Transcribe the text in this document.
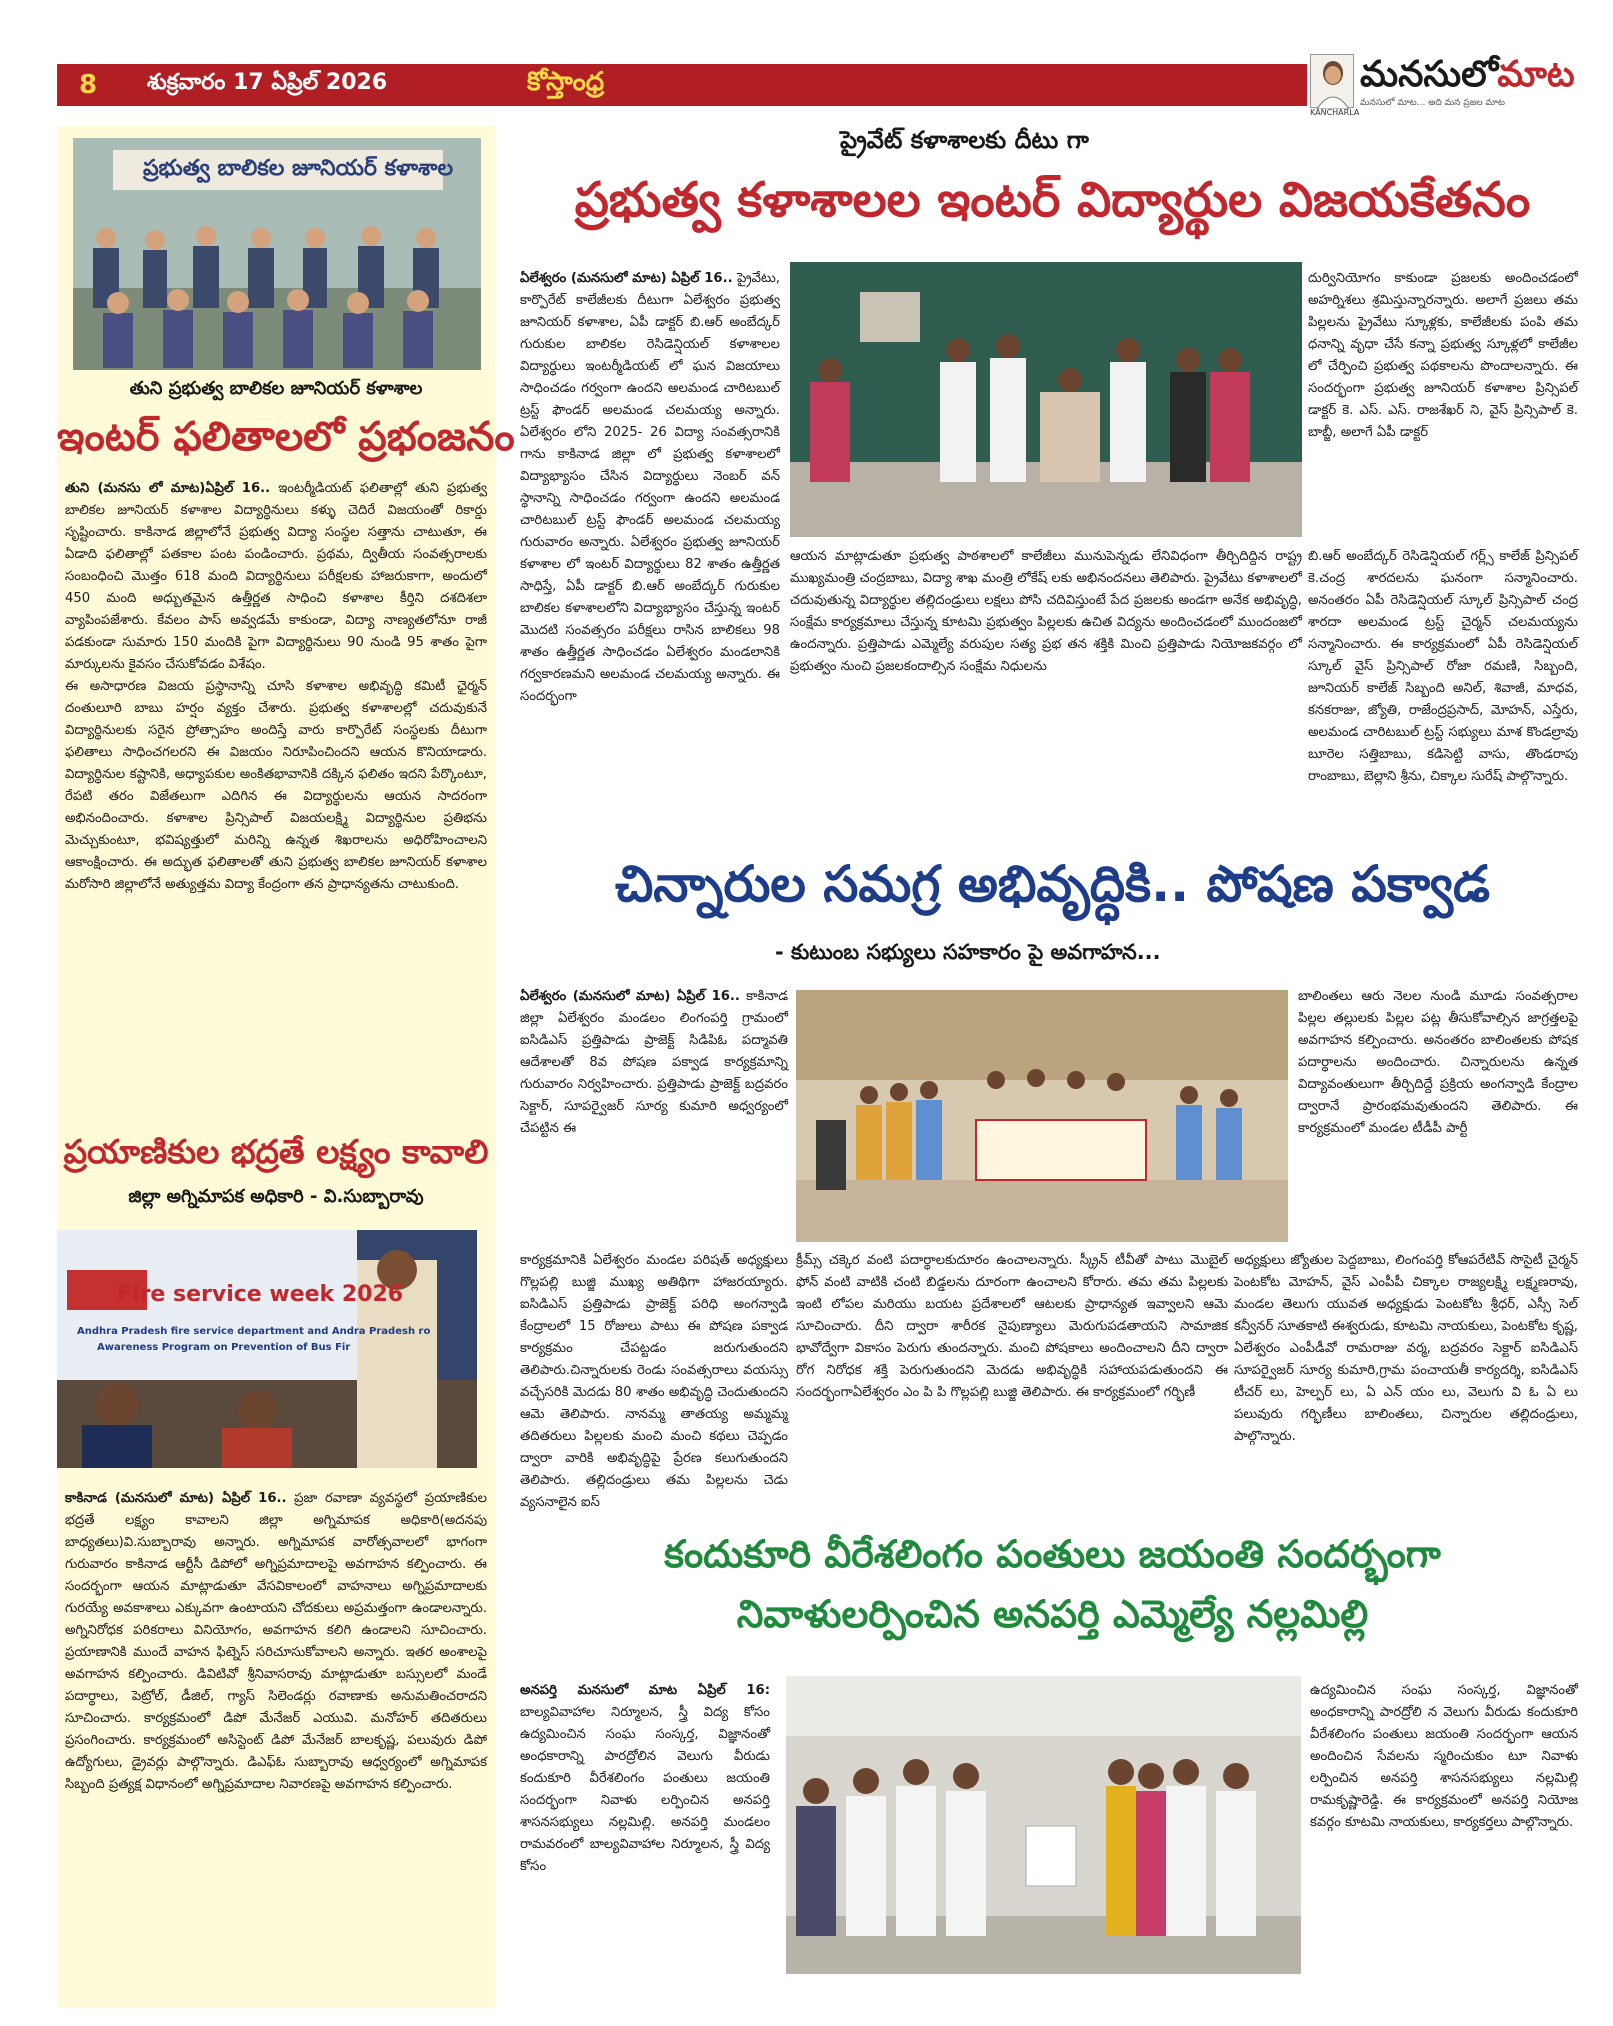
8	శుక్రవారం 17 ఏప్రిల్ 2026	కోస్తాంధ్ర	మనసులోమాట
మనసులో మాట... అది మన ప్రజల మాట
KANCHARLA
ప్రభుత్వ బాలికల జూనియర్ కళాశాల
తుని ప్రభుత్వ బాలికల జూనియర్ కళాశాల
ఇంటర్ ఫలితాలలో ప్రభంజనం

తుని (మనసు లో మాట)ఏప్రిల్ 16.. ఇంటర్మీడియట్ ఫలితాల్లో తుని ప్రభుత్వ బాలికల జూనియర్ కళాశాల విద్యార్థినులు కళ్ళు చెదిరే విజయంతో రికార్డు సృష్టించారు. కాకినాడ జిల్లాలోనే ప్రభుత్వ విద్యా సంస్థల సత్తాను చాటుతూ, ఈ ఏడాది ఫలితాల్లో పతకాల పంట పండించారు. ప్రథమ, ద్వితీయ సంవత్సరాలకు సంబంధించి మొత్తం 618 మంది విద్యార్థినులు పరీక్షలకు హాజరుకాగా, అందులో 450 మంది అధ్బుతమైన ఉత్తీర్ణత సాధించి కళాశాల కీర్తిని దశదిశలా వ్యాపింపజేశారు. కేవలం పాస్ అవ్వడమే కాకుండా, విద్యా నాణ్యతలోనూ రాజీ పడకుండా సుమారు 150 మందికి పైగా విద్యార్థినులు 90 నుండి 95 శాతం పైగా మార్కులను కైవసం చేసుకోవడం విశేషం.

ఈ అసాధారణ విజయ ప్రస్థానాన్ని చూసి కళాశాల అభివృద్ధి కమిటీ ఛైర్మన్ దంతులూరి బాబు హర్షం వ్యక్తం చేశారు. ప్రభుత్వ కళాశాలల్లో చదువుకునే విద్యార్థినులకు సరైన ప్రోత్సాహం అందిస్తే వారు కార్పొరేట్ సంస్థలకు దీటుగా ఫలితాలు సాధించగలరని ఈ విజయం నిరూపించిందని ఆయన కొనియాడారు. విద్యార్థినుల కష్టానికి, అధ్యాపకుల అంకితభావానికి దక్కిన ఫలితం ఇదని పేర్కొంటూ, రేపటి తరం విజేతలుగా ఎదిగిన ఈ విద్యార్థులను ఆయన సాదరంగా అభినందించారు. కళాశాల ప్రిన్సిపాల్ విజయలక్ష్మి విద్యార్థినుల ప్రతిభను మెచ్చుకుంటూ, భవిష్యత్తులో మరిన్ని ఉన్నత శిఖరాలను అధిరోహించాలని ఆకాంక్షించారు. ఈ అద్భుత ఫలితాలతో తుని ప్రభుత్వ బాలికల జూనియర్ కళాశాల మరోసారి జిల్లాలోనే అత్యుత్తమ విద్యా కేంద్రంగా తన ప్రాధాన్యతను చాటుకుంది.

ప్రయాణికుల భద్రతే లక్ష్యం కావాలి
జిల్లా అగ్నిమాపక అధికారి - వి.సుబ్బారావు
Fire service week 2026
Andhra Pradesh fire service department and Andra Pradesh ro
Awareness Program on Prevention of Bus Fir

కాకినాడ (మనసులో మాట) ఏప్రిల్ 16.. ప్రజా రవాణా వ్యవస్థలో ప్రయాణికుల భద్రతే లక్ష్యం కావాలని జిల్లా అగ్నిమాపక అధికారి(అదనపు బాధ్యతలు)వి.సుబ్బారావు అన్నారు. అగ్నిమాపక వారోత్సవాలలో భాగంగా గురువారం కాకినాడ ఆర్టీసీ డిపోలో అగ్నిప్రమాదాలపై అవగాహన కల్పించారు. ఈ సందర్భంగా ఆయన మాట్లాడుతూ వేసవికాలంలో వాహనాలు అగ్నిప్రమాదాలకు గురయ్యే అవకాశాలు ఎక్కువగా ఉంటాయని చోదకులు అప్రమత్తంగా ఉండాలన్నారు. అగ్నినిరోధక పరికరాలు వినియోగం, అవగాహన కలిగి ఉండాలని సూచించారు. ప్రయాణానికి ముందే వాహన ఫిట్నెస్ సరిచూసుకోవాలని అన్నారు. ఇతర అంశాలపై అవగాహన కల్పించారు. డివిటివో శ్రీనివాసరావు మాట్లాడుతూ బస్సులలో మండే పదార్థాలు, పెట్రోల్, డీజిల్, గ్యాస్ సిలెండర్లు రవాణాకు అనుమతించరాదని సూచించారు. కార్యక్రమంలో డిపో మేనేజర్ ఎయువి. మనోహర్ తదితరులు ప్రసంగించారు. కార్యక్రమంలో అసిస్టెంట్ డిపో మేనేజర్ బాలకృష్ణ, పలువురు డిపో ఉద్యోగులు, డ్రైవర్లు పాల్గొన్నారు. డిఎఫ్ఓ సుబ్బారావు ఆధ్వర్యంలో అగ్నిమాపక సిబ్బంది ప్రత్యక్ష విధానంలో అగ్నిప్రమాదాల నివారణపై అవగాహన కల్పించారు.

ప్రైవేట్ కళాశాలకు దీటు గా
ప్రభుత్వ కళాశాలల ఇంటర్ విద్యార్థుల విజయకేతనం
ఏలేశ్వరం (మనసులో మాట) ఏప్రిల్ 16.. ప్రైవేటు, కార్పొరేట్ కాలేజీలకు దీటుగా ఏలేశ్వరం ప్రభుత్వ జూనియర్ కళాశాల, ఏపీ డాక్టర్ బి.ఆర్ అంబేద్కర్ గురుకుల బాలికల రెసిడెన్షియల్ కళాశాలల విద్యార్థులు ఇంటర్మీడియట్ లో ఘన విజయాలు సాధించడం గర్వంగా ఉందని అలమండ చారిటబుల్ ట్రస్ట్ ఫౌండర్ అలమండ చలమయ్య అన్నారు. ఏలేశ్వరం లోని 2025- 26 విద్యా సంవత్సరానికి గాను కాకినాడ జిల్లా లో ప్రభుత్వ కళాశాలలో విద్యాభ్యాసం చేసిన విద్యార్థులు నెంబర్ వన్ స్థానాన్ని సాధించడం గర్వంగా ఉందని అలమండ చారిటబుల్ ట్రస్ట్ ఫౌండర్ అలమండ చలమయ్య గురువారం అన్నారు. ఏలేశ్వరం ప్రభుత్వ జూనియర్ కళాశాల లో ఇంటర్ విద్యార్థులు 82 శాతం ఉత్తీర్ణత సాధిస్తే, ఏపీ డాక్టర్ బి.ఆర్ అంబేద్కర్ గురుకుల బాలికల కళాశాలలోని విద్యాభ్యాసం చేస్తున్న ఇంటర్ మొదటి సంవత్సరం పరీక్షలు రాసిన బాలికలు 98 శాతం ఉత్తీర్ణత సాధించడం ఏలేశ్వరం మండలానికి గర్వకారణమని అలమండ చలమయ్య అన్నారు. ఈ సందర్భంగా
దుర్వినియోగం కాకుండా ప్రజలకు అందించడంలో అహర్నిశలు శ్రమిస్తున్నారన్నారు. అలాగే ప్రజలు తమ పిల్లలను ప్రైవేటు స్కూళ్లకు, కాలేజీలకు పంపి తమ ధనాన్ని వృధా చేసే కన్నా ప్రభుత్వ స్కూళ్లలో కాలేజీల లో చేర్పించి ప్రభుత్వ పథకాలను పొందాలన్నారు. ఈ సందర్భంగా ప్రభుత్వ జూనియర్ కళాశాల ప్రిన్సిపల్ డాక్టర్ కె. ఎస్. ఎస్. రాజశేఖర్ ని, వైస్ ప్రిన్సిపాల్ కె. బాబ్జీ, అలాగే ఏపీ డాక్టర్
ఆయన మాట్లాడుతూ ప్రభుత్వ పాఠశాలలో కాలేజీలు మునుపెన్నడు లేనివిధంగా తీర్చిదిద్దిన రాష్ట్ర ముఖ్యమంత్రి చంద్రబాబు, విద్యా శాఖ మంత్రి లోకేష్ లకు అభినందనలు తెలిపారు. ప్రైవేటు కళాశాలలో చదువుతున్న విద్యార్థుల తల్లిదండ్రులు లక్షలు పోసి చదివిస్తుంటే పేద ప్రజలకు అండగా అనేక అభివృద్ధి, సంక్షేమ కార్యక్రమాలు చేస్తున్న కూటమి ప్రభుత్వం పిల్లలకు ఉచిత విద్యను అందించడంలో ముందంజలో ఉందన్నారు. ప్రత్తిపాడు ఎమ్మెల్యే వరుపుల సత్య ప్రభ తన శక్తికి మించి ప్రత్తిపాడు నియోజకవర్గం లో ప్రభుత్వం నుంచి ప్రజలకందాల్సిన సంక్షేమ నిధులను
బి.ఆర్ అంబేద్కర్ రెసిడెన్షియల్ గర్ల్స్ కాలేజ్ ప్రిన్సిపల్ కె.చంద్ర శారదలను ఘనంగా సన్మానించారు. అనంతరం ఏపీ రెసిడెన్షియల్ స్కూల్ ప్రిన్సిపాల్ చంద్ర శారదా అలమండ ట్రస్ట్ చైర్మన్ చలమయ్యను సన్మానించారు. ఈ కార్యక్రమంలో ఏపీ రెసిడెన్షియల్ స్కూల్ వైస్ ప్రిన్సిపాల్ రోజా రమణి, సిబ్బంది, జూనియర్ కాలేజ్ సిబ్బంది అనిల్, శివాజీ, మాధవ, కనకరాజు, జ్యోతి, రాజేంద్రప్రసాద్, మోహన్, ఎస్తేరు, అలమండ చారిటబుల్ ట్రస్ట్ సభ్యులు మాశ కొండల్రావు బూరెల సత్తిబాబు, కడిసెట్టి వాసు, తొండరాపు రాంబాబు, బెల్లాని శ్రీను, చిక్కాల సురేష్ పాల్గొన్నారు.
చిన్నారుల సమగ్ర అభివృద్ధికి.. పోషణ పక్వాడ
- కుటుంబ సభ్యులు సహకారం పై అవగాహన...
ఏలేశ్వరం (మనసులో మాట) ఏప్రిల్ 16.. కాకినాడ జిల్లా ఏలేశ్వరం మండలం లింగంపర్తి గ్రామంలో ఐసిడిఎస్ ప్రత్తిపాడు ప్రాజెక్ట్ సిడిపిఓ పద్మావతి ఆదేశాలతో 8వ పోషణ పక్వాడ కార్యక్రమాన్ని గురువారం నిర్వహించారు. ప్రత్తిపాడు ప్రాజెక్ట్ బద్రవరం సెక్టార్, సూపర్వైజర్ సూర్య కుమారి అధ్వర్యంలో చేపట్టిన ఈ
బాలింతలు ఆరు నెలల నుండి మూడు సంవత్సరాల పిల్లల తల్లులకు పిల్లల పట్ల తీసుకోవాల్సిన జాగ్రత్తలపై అవగాహన కల్పించారు. అనంతరం బాలింతలకు పోషక పదార్థాలను అందించారు. చిన్నారులను ఉన్నత విద్యావంతులుగా తీర్చిదిద్దే ప్రక్రియ అంగన్వాడి కేంద్రాల ద్వారానే ప్రారంభమవుతుందని తెలిపారు. ఈ కార్యక్రమంలో మండల టీడీపీ పార్టీ
కార్యక్రమానికి ఏలేశ్వరం మండల పరిషత్ అధ్యక్షులు గొల్లపల్లి బుజ్జి ముఖ్య అతిథిగా హాజరయ్యారు. ఐసిడిఎస్ ప్రత్తిపాడు ప్రాజెక్ట్ పరిధి అంగన్వాడి కేంద్రాలలో 15 రోజులు పాటు ఈ పోషణ పక్వాడ కార్యక్రమం చేపట్టడం జరుగుతుందని తెలిపారు.చిన్నారులకు రెండు సంవత్సరాలు వయస్సు వచ్చేసరికి మెదడు 80 శాతం అభివృద్ధి చెందుతుందని ఆమె తెలిపారు. నానమ్మ తాతయ్య అమ్మమ్మ తదితరులు పిల్లలకు మంచి మంచి కథలు చెప్పడం ద్వారా వారికి అభివృద్ధిపై ప్రేరణ కలుగుతుందని తెలిపారు. తల్లిదండ్రులు తమ పిల్లలను చెడు వ్యసనాలైన ఐస్
క్రీమ్స్ చక్కెర వంటి పదార్థాలకుదూరం ఉంచాలన్నారు. స్క్రీన్ టీవీతో పాటు మొబైల్ ఫోన్ వంటి వాటికి చంటి బిడ్డలను దూరంగా ఉంచాలని కోరారు. తమ తమ పిల్లలకు ఇంటి లోపల మరియు బయట ప్రదేశాలలో ఆటలకు ప్రాధాన్యత ఇవ్వాలని ఆమె సూచించారు. దీని ద్వారా శారీరక నైపుణ్యాలు మెరుగుపడతాయని సామాజిక భావోద్వేగా వికాసం పెరుగు తుందన్నారు. మంచి పోషకాలు అందించాలని దీని ద్వారా రోగ నిరోధక శక్తి పెరుగుతుందని మెదడు అభివృద్ధికి సహాయపడుతుందని ఈ సందర్భంగాఏలేశ్వరం ఎం పి పి గొల్లపల్లి బుజ్జి తెలిపారు. ఈ కార్యక్రమంలో గర్భిణీ
అధ్యక్షులు జ్యోతుల పెద్దబాబు, లింగంపర్తి కోఆపరేటివ్ సొసైటీ చైర్మన్ పెంటకోట మోహన్, వైస్ ఎంపీపీ చిక్కాల రాజ్యలక్ష్మి లక్ష్మణరావు, మండల తెలుగు యువత అధ్యక్షుడు పెంటకోట శ్రీధర్, ఎస్సీ సెల్ కన్వీనర్ సూతకాటి ఈశ్వరుడు, కూటమి నాయకులు, పెంటకోట కృష్ణ, ఏలేశ్వరం ఎంపీడీవో రామరాజు వర్మ, బద్రవరం సెక్టార్ ఐసిడిఎస్ సూపర్వైజర్ సూర్య కుమారి,గ్రామ పంచాయతీ కార్యదర్శి, ఐసిడిఎస్ టీచర్ లు, హెల్పర్ లు, ఏ ఎన్ యం లు, వెలుగు వి ఓ ఏ లు పలువురు గర్భిణీలు బాలింతలు, చిన్నారుల తల్లిదండ్రులు, పాల్గొన్నారు.
కందుకూరి వీరేశలింగం పంతులు జయంతి సందర్భంగా
నివాళులర్పించిన అనపర్తి ఎమ్మెల్యే నల్లమిల్లి
అనపర్తి మనసులో మాట ఏప్రిల్ 16: బాల్యవివాహాల నిర్మూలన, స్త్రీ విద్య కోసం ఉద్యమించిన సంఘ సంస్కర్త, విజ్ఞానంతో అంధకారాన్ని పారద్రోలిన వెలుగు వీరుడు కందుకూరి వీరేశలింగం పంతులు జయంతి సందర్భంగా నివాళు లర్పించిన అనపర్తి శాసనసభ్యులు నల్లమిల్లి. అనపర్తి మండలం రామవరంలో బాల్యవివాహాల నిర్మూలన, స్త్రీ విద్య కోసం
ఉద్యమించిన సంఘ సంస్కర్త, విజ్ఞానంతో అంధకారాన్ని పారద్రోలి న వెలుగు వీరుడు కందుకూరి వీరేశలింగం పంతులు జయంతి సందర్భంగా ఆయన అందించిన సేవలను స్మరించుకుం టూ నివాళు లర్పించిన అనపర్తి శాసనసభ్యులు నల్లమిల్లి రామకృష్ణారెడ్డి. ఈ కార్యక్రమంలో అనపర్తి నియోజ కవర్గం కూటమి నాయకులు, కార్యకర్తలు పాల్గొన్నారు.
